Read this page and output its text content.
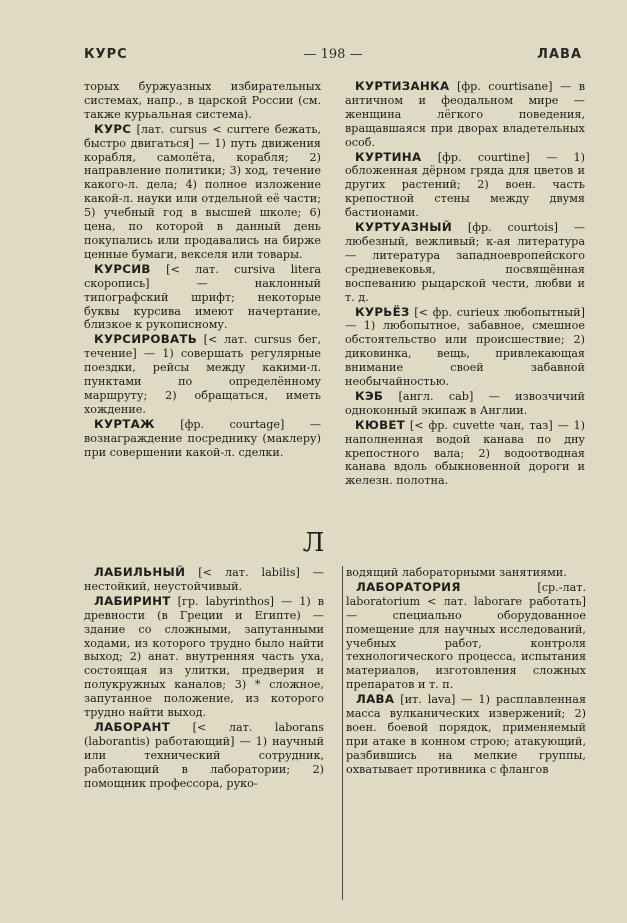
КУРС	— 198 —	ЛАВА

торых буржуазных избирательных системах, напр., в царской России (см. также курьальная система).

КУРС [лат. cursus < currere бежать, быстро двигаться] — 1) путь движения корабля, самолёта, корабля; 2) направление политики; 3) ход, течение какого-л. дела; 4) полное изложение какой-л. науки или отдельной её части; 5) учебный год в высшей школе; 6) цена, по которой в данный день покупались или продавались на бирже ценные бумаги, векселя или товары.

КУРСИВ [< лат. cursiva litera скоропись] — наклонный типографский шрифт; некоторые буквы курсива имеют начертание, близкое к рукописному.

КУРСИРОВАТЬ [< лат. cursus бег, течение] — 1) совершать регулярные поездки, рейсы между какими-л. пунктами по определённому маршруту; 2) обращаться, иметь хождение.

КУРТАЖ [фр. courtage] — вознаграждение посреднику (маклеру) при совершении какой-л. сделки.

КУРТИЗАНКА [фр. courtisane] — в античном и феодальном мире — женщина лёгкого поведения, вращавшаяся при дворах владетельных особ.

КУРТИНА [фр. courtine] — 1) обложенная дёрном гряда для цветов и других растений; 2) воен. часть крепостной стены между двумя бастионами.

КУРТУАЗНЫЙ [фр. courtois] — любезный, вежливый; к-ая литература — литература западноевропейского средневековья, посвящённая воспеванию рыцарской чести, любви и т. д.

КУРЬЁЗ [< фр. curieux любопытный] — 1) любопытное, забавное, смешное обстоятельство или происшествие; 2) диковинка, вещь, привлекающая внимание своей забавной необычайностью.

КЭБ [англ. cab] — извозчичий одноконный экипаж в Англии.

КЮВЕТ [< фр. cuvette чан, таз] — 1) наполненная водой канава по дну крепостного вала; 2) водоотводная канава вдоль обыкновенной дороги и железн. полотна.

Л

ЛАБИЛЬНЫЙ [< лат. labilis] — нестойкий, неустойчивый.

ЛАБИРИНТ [гр. labyrinthos] — 1) в древности (в Греции и Египте) — здание со сложными, запутанными ходами, из которого трудно было найти выход; 2) анат. внутренняя часть уха, состоящая из улитки, предверия и полукружных каналов; 3) * сложное, запутанное положение, из которого трудно найти выход.

ЛАБОРАНТ [< лат. laborans (laborantis) работающий] — 1) научный или технический сотрудник, работающий в лаборатории; 2) помощник профессора, руко-

водящий лабораторными занятиями.

ЛАБОРАТОРИЯ	[ср.-лат. laboratorium < лат. laborare работать] — специально оборудованное помещение для научных исследований, учебных работ, контроля технологического процесса, испытания материалов, изготовления сложных препаратов и т. п.

ЛАВА [ит. lava] — 1) расплавленная масса вулканических извержений; 2) воен. боевой порядок, применяемый при атаке в конном строю; атакующий, разбившись на мелкие группы, охватывает противника с флангов
